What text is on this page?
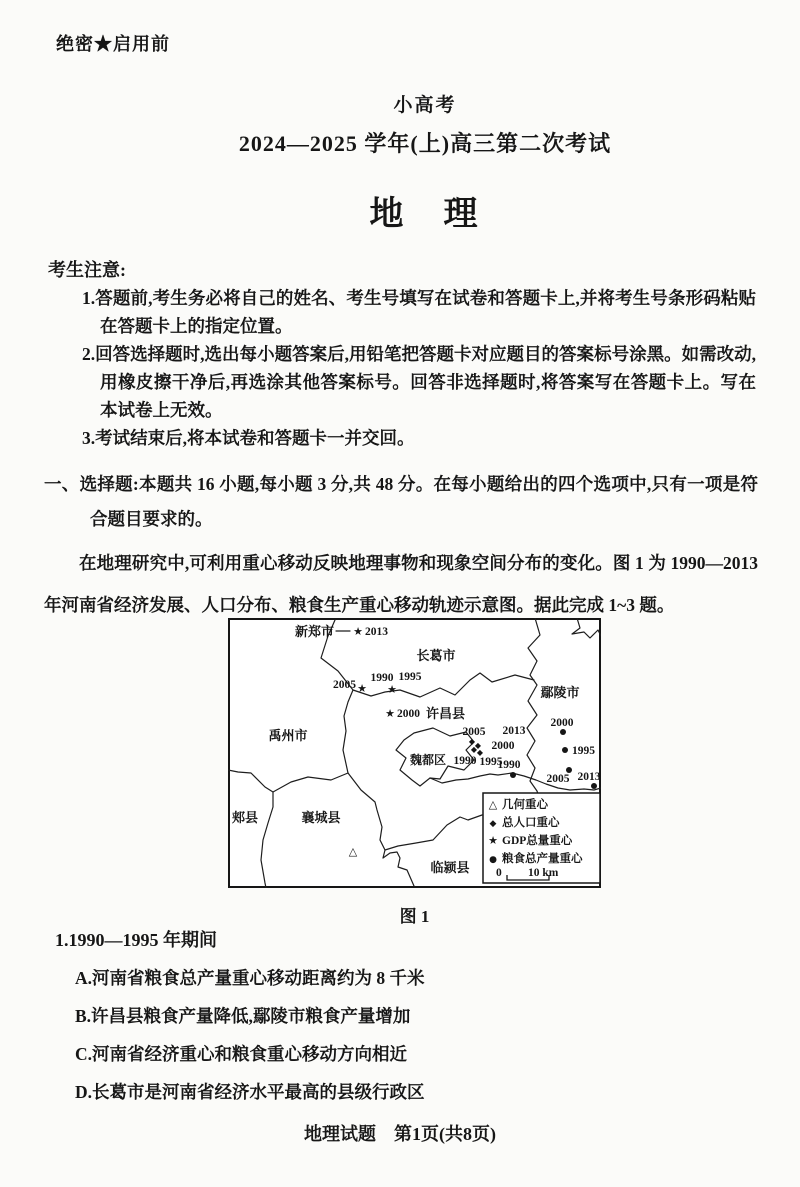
绝密★启用前
小高考
2024—2025 学年(上)高三第二次考试
地　理
考生注意:
1.答题前,考生务必将自己的姓名、考生号填写在试卷和答题卡上,并将考生号条形码粘贴在答题卡上的指定位置。
2.回答选择题时,选出每小题答案后,用铅笔把答题卡对应题目的答案标号涂黑。如需改动,用橡皮擦干净后,再选涂其他答案标号。回答非选择题时,将答案写在答题卡上。写在本试卷上无效。
3.考试结束后,将本试卷和答题卡一并交回。
一、选择题:本题共 16 小题,每小题 3 分,共 48 分。在每小题给出的四个选项中,只有一项是符合题目要求的。
在地理研究中,可利用重心移动反映地理事物和现象空间分布的变化。图 1 为 1990—2013 年河南省经济发展、人口分布、粮食生产重心移动轨迹示意图。据此完成 1~3 题。
新郑市
长葛市
鄢陵市
禹州市
魏都区
郏县	襄城县
临颍县
★ 2013
2005 ★
1990 1995
★
★ 2000 许昌县
2005 2013
2000
1990 1995
◆ ◆
◆ ◆
1990
2000
1995
2005 2013
△
△ 几何重心
◆ 总人口重心
★ GDP总量重心
● 粮食总产量重心
0 10 km
图 1
1.1990—1995 年期间

A.河南省粮食总产量重心移动距离约为 8 千米

B.许昌县粮食产量降低,鄢陵市粮食产量增加

C.河南省经济重心和粮食重心移动方向相近

D.长葛市是河南省经济水平最高的县级行政区

地理试题　第1页(共8页)
